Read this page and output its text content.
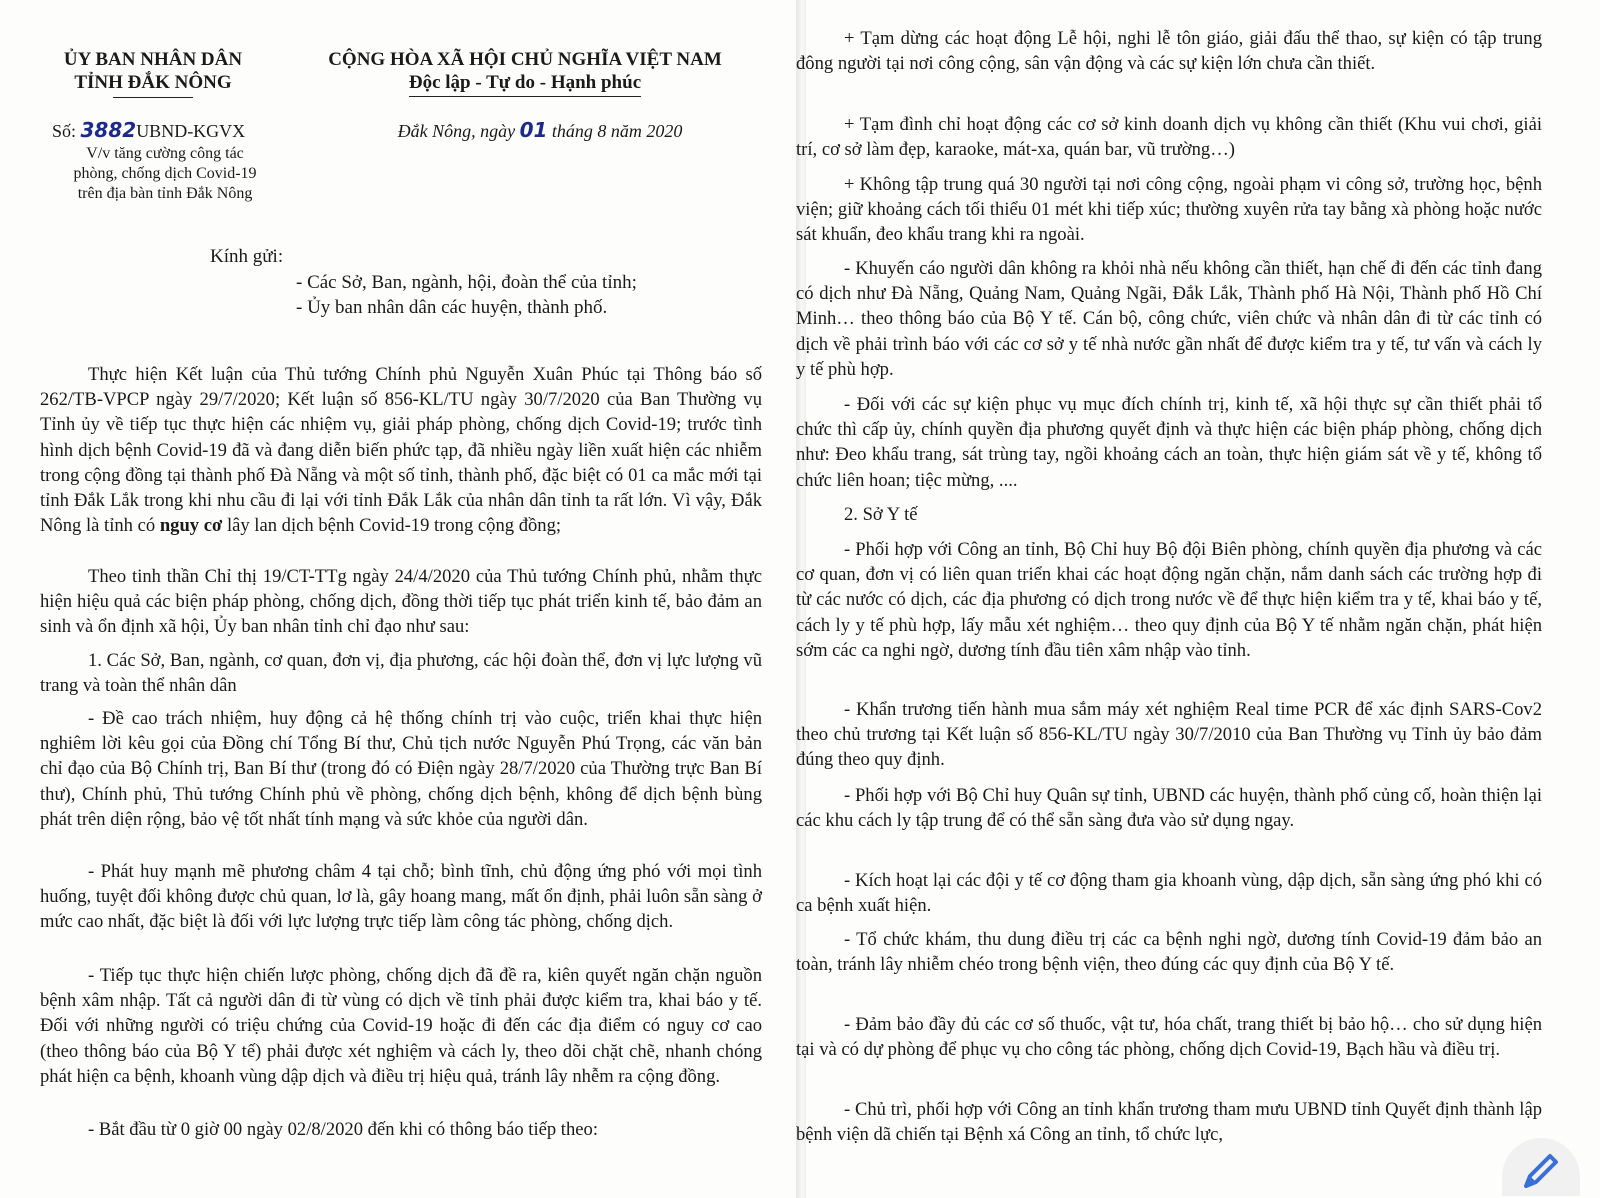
ỦY BAN NHÂN DÂN
TỈNH ĐẮK NÔNG
CỘNG HÒA XÃ HỘI CHỦ NGHĨA VIỆT NAM
Độc lập - Tự do - Hạnh phúc
Số: 3882UBND-KGVX
V/v tăng cường công tác
phòng, chống dịch Covid-19
trên địa bàn tỉnh Đắk Nông
Đắk Nông, ngày 01 tháng 8 năm 2020
Kính gửi:
- Các Sở, Ban, ngành, hội, đoàn thể của tỉnh;
- Ủy ban nhân dân các huyện, thành phố.

Thực hiện Kết luận của Thủ tướng Chính phủ Nguyễn Xuân Phúc tại Thông báo số 262/TB-VPCP ngày 29/7/2020; Kết luận số 856-KL/TU ngày 30/7/2020 của Ban Thường vụ Tỉnh ủy về tiếp tục thực hiện các nhiệm vụ, giải pháp phòng, chống dịch Covid-19; trước tình hình dịch bệnh Covid-19 đã và đang diễn biến phức tạp, đã nhiều ngày liền xuất hiện các nhiễm trong cộng đồng tại thành phố Đà Nẵng và một số tỉnh, thành phố, đặc biệt có 01 ca mắc mới tại tỉnh Đắk Lắk trong khi nhu cầu đi lại với tỉnh Đắk Lắk của nhân dân tỉnh ta rất lớn. Vì vậy, Đắk Nông là tỉnh có nguy cơ lây lan dịch bệnh Covid-19 trong cộng đồng;

Theo tinh thần Chỉ thị 19/CT-TTg ngày 24/4/2020 của Thủ tướng Chính phủ, nhằm thực hiện hiệu quả các biện pháp phòng, chống dịch, đồng thời tiếp tục phát triển kinh tế, bảo đảm an sinh và ổn định xã hội, Ủy ban nhân tỉnh chỉ đạo như sau:

1. Các Sở, Ban, ngành, cơ quan, đơn vị, địa phương, các hội đoàn thể, đơn vị lực lượng vũ trang và toàn thể nhân dân

- Đề cao trách nhiệm, huy động cả hệ thống chính trị vào cuộc, triển khai thực hiện nghiêm lời kêu gọi của Đồng chí Tổng Bí thư, Chủ tịch nước Nguyễn Phú Trọng, các văn bản chỉ đạo của Bộ Chính trị, Ban Bí thư (trong đó có Điện ngày 28/7/2020 của Thường trực Ban Bí thư), Chính phủ, Thủ tướng Chính phủ về phòng, chống dịch bệnh, không để dịch bệnh bùng phát trên diện rộng, bảo vệ tốt nhất tính mạng và sức khỏe của người dân.

- Phát huy mạnh mẽ phương châm 4 tại chỗ; bình tĩnh, chủ động ứng phó với mọi tình huống, tuyệt đối không được chủ quan, lơ là, gây hoang mang, mất ổn định, phải luôn sẵn sàng ở mức cao nhất, đặc biệt là đối với lực lượng trực tiếp làm công tác phòng, chống dịch.

- Tiếp tục thực hiện chiến lược phòng, chống dịch đã đề ra, kiên quyết ngăn chặn nguồn bệnh xâm nhập. Tất cả người dân đi từ vùng có dịch về tỉnh phải được kiểm tra, khai báo y tế. Đối với những người có triệu chứng của Covid-19 hoặc đi đến các địa điểm có nguy cơ cao (theo thông báo của Bộ Y tế) phải được xét nghiệm và cách ly, theo dõi chặt chẽ, nhanh chóng phát hiện ca bệnh, khoanh vùng dập dịch và điều trị hiệu quả, tránh lây nhễm ra cộng đồng.

- Bắt đầu từ 0 giờ 00 ngày 02/8/2020 đến khi có thông báo tiếp theo:

+ Tạm dừng các hoạt động Lễ hội, nghi lễ tôn giáo, giải đấu thể thao, sự kiện có tập trung đông người tại nơi công cộng, sân vận động và các sự kiện lớn chưa cần thiết.

+ Tạm đình chỉ hoạt động các cơ sở kinh doanh dịch vụ không cần thiết (Khu vui chơi, giải trí, cơ sở làm đẹp, karaoke, mát-xa, quán bar, vũ trường…)

+ Không tập trung quá 30 người tại nơi công cộng, ngoài phạm vi công sở, trường học, bệnh viện; giữ khoảng cách tối thiểu 01 mét khi tiếp xúc; thường xuyên rửa tay bằng xà phòng hoặc nước sát khuẩn, đeo khẩu trang khi ra ngoài.

- Khuyến cáo người dân không ra khỏi nhà nếu không cần thiết, hạn chế đi đến các tỉnh đang có dịch như Đà Nẵng, Quảng Nam, Quảng Ngãi, Đắk Lắk, Thành phố Hà Nội, Thành phố Hồ Chí Minh… theo thông báo của Bộ Y tế. Cán bộ, công chức, viên chức và nhân dân đi từ các tỉnh có dịch về phải trình báo với các cơ sở y tế nhà nước gần nhất để được kiểm tra y tế, tư vấn và cách ly y tế phù hợp.

- Đối với các sự kiện phục vụ mục đích chính trị, kinh tế, xã hội thực sự cần thiết phải tổ chức thì cấp ủy, chính quyền địa phương quyết định và thực hiện các biện pháp phòng, chống dịch như: Đeo khẩu trang, sát trùng tay, ngồi khoảng cách an toàn, thực hiện giám sát về y tế, không tổ chức liên hoan; tiệc mừng, ....

2. Sở Y tế

- Phối hợp với Công an tỉnh, Bộ Chỉ huy Bộ đội Biên phòng, chính quyền địa phương và các cơ quan, đơn vị có liên quan triển khai các hoạt động ngăn chặn, nắm danh sách các trường hợp đi từ các nước có dịch, các địa phương có dịch trong nước về để thực hiện kiểm tra y tế, khai báo y tế, cách ly y tế phù hợp, lấy mẫu xét nghiệm… theo quy định của Bộ Y tế nhằm ngăn chặn, phát hiện sớm các ca nghi ngờ, dương tính đầu tiên xâm nhập vào tỉnh.

- Khẩn trương tiến hành mua sắm máy xét nghiệm Real time PCR để xác định SARS-Cov2 theo chủ trương tại Kết luận số 856-KL/TU ngày 30/7/2010 của Ban Thường vụ Tỉnh ủy bảo đảm đúng theo quy định.

- Phối hợp với Bộ Chỉ huy Quân sự tỉnh, UBND các huyện, thành phố củng cố, hoàn thiện lại các khu cách ly tập trung để có thể sẵn sàng đưa vào sử dụng ngay.

- Kích hoạt lại các đội y tế cơ động tham gia khoanh vùng, dập dịch, sẵn sàng ứng phó khi có ca bệnh xuất hiện.

- Tổ chức khám, thu dung điều trị các ca bệnh nghi ngờ, dương tính Covid-19 đảm bảo an toàn, tránh lây nhiễm chéo trong bệnh viện, theo đúng các quy định của Bộ Y tế.

- Đảm bảo đầy đủ các cơ số thuốc, vật tư, hóa chất, trang thiết bị bảo hộ… cho sử dụng hiện tại và có dự phòng để phục vụ cho công tác phòng, chống dịch Covid-19, Bạch hầu và điều trị.

- Chủ trì, phối hợp với Công an tỉnh khẩn trương tham mưu UBND tỉnh Quyết định thành lập bệnh viện dã chiến tại Bệnh xá Công an tỉnh, tổ chức lực,
